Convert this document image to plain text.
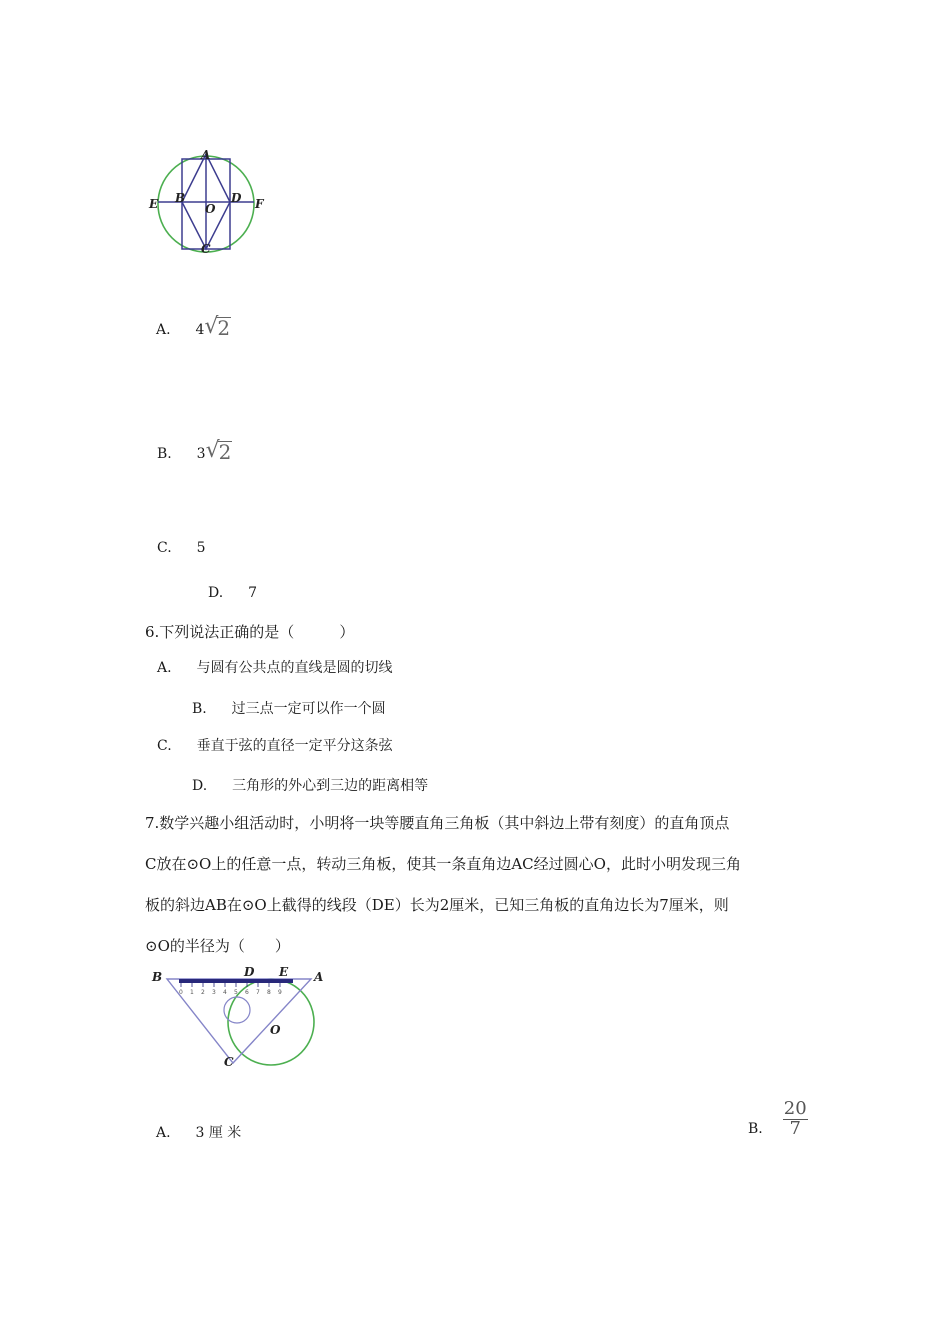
A
B	D
E	F
O
C
A. 4 √ 2
B. 3 √ 2
C. 5
D. 7
6.下列说法正确的是（　　　）
A. 与圆有公共点的直线是圆的切线
B. 过三点一定可以作一个圆
C. 垂直于弦的直径一定平分这条弦
D. 三角形的外心到三边的距离相等
7.数学兴趣小组活动时，小明将一块等腰直角三角板（其中斜边上带有刻度）的直角顶点
C放在⊙O上的任意一点，转动三角板，使其一条直角边AC经过圆心O，此时小明发现三角
板的斜边AB在⊙O上截得的线段（DE）长为2厘米，已知三角板的直角边长为7厘米，则
⊙O的半径为（　　）
0 1 2 3 4 5 6 7 8 9
B	D E A
O
C
A. 3 厘 米	B. $\frac{20}{7}$
